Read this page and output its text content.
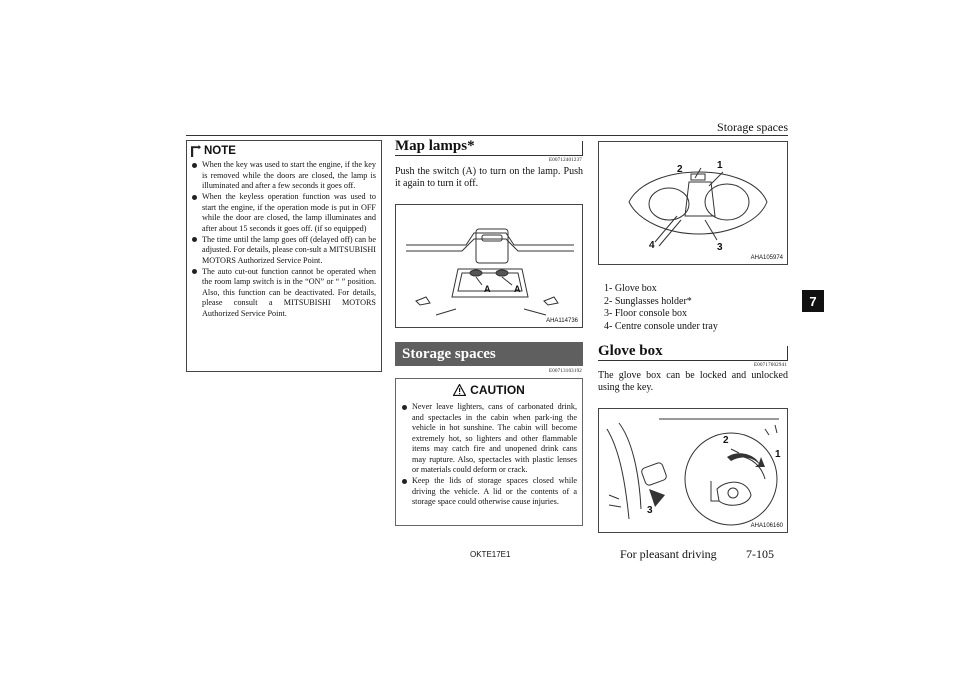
Storage spaces
7
NOTE
When the key was used to start the engine, if the key is removed while the doors are closed, the lamp is illuminated and after a few seconds it goes off.
When the keyless operation function was used to start the engine, if the operation mode is put in OFF while the door are closed, the lamp illuminates and after about 15 seconds it goes off. (if so equipped)
The time until the lamp goes off (delayed off) can be adjusted. For details, please con-sult a MITSUBISHI MOTORS Authorized Service Point.
The auto cut-out function cannot be operated when the room lamp switch is in the “ON” or “ ” position. Also, this function can be deactivated. For details, please consult a MITSUBISHI MOTORS Authorized Service Point.
Map lamps*
E00712401237
Push the switch (A) to turn on the lamp. Push it again to turn it off.
AHA114736
A	A
Storage spaces
E00713103192
CAUTION
Never leave lighters, cans of carbonated drink, and spectacles in the cabin when park-ing the vehicle in hot sunshine. The cabin will become extremely hot, so lighters and other flammable items may catch fire and unopened drink cans may rupture. Also, spectacles with plastic lenses or materials could deform or crack.
Keep the lids of storage spaces closed while driving the vehicle. A lid or the contents of a storage space could otherwise cause injuries.
2	1
4	3
AHA105974
1- Glove box
2- Sunglasses holder*
3- Floor console box
4- Centre console under tray
Glove box
E00717602941
The glove box can be locked and unlocked using the key.
2
1
3
AHA106160
OKTE17E1	For pleasant driving 7-105
